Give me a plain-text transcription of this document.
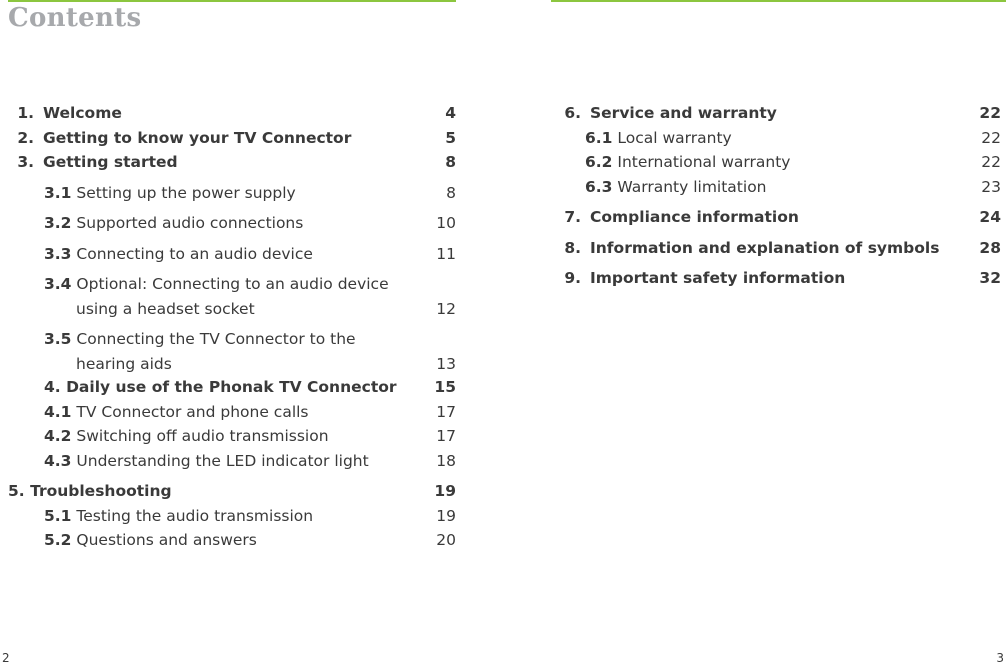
Contents
1. Welcome	4
2. Getting to know your TV Connector	5
3. Getting started	8
3.1 Setting up the power supply	8
3.2 Supported audio connections	10
3.3 Connecting to an audio device	11
3.4 Optional: Connecting to an audio device
using a headset socket	12
3.5 Connecting the TV Connector to the
hearing aids	13
4. Daily use of the Phonak TV Connector 15
4.1 TV Connector and phone calls	17
4.2 Switching off audio transmission	17
4.3 Understanding the LED indicator light	18
5. Troubleshooting	19
5.1 Testing the audio transmission	19
5.2 Questions and answers	20
6. Service and warranty	22
6.1 Local warranty	22
6.2 International warranty	22
6.3 Warranty limitation	23
7. Compliance information	24
8. Information and explanation of symbols	28
9. Important safety information	32
2	3
